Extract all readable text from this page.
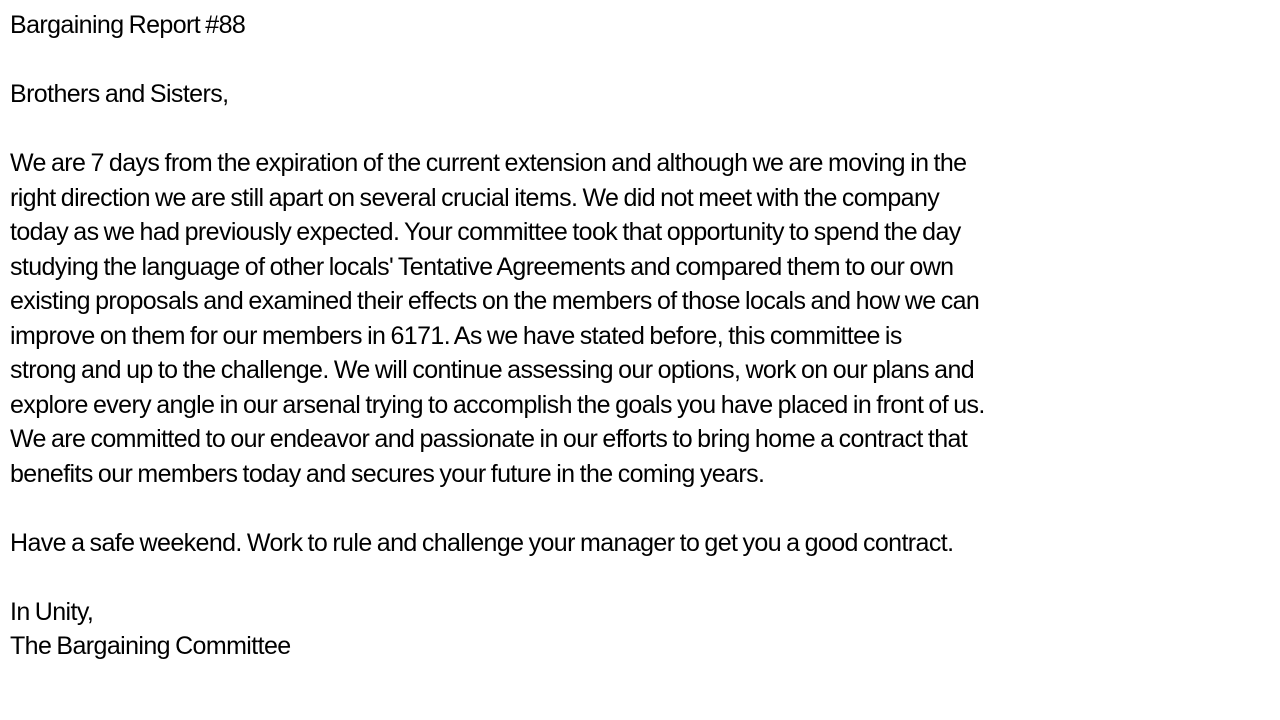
Bargaining Report #88
Brothers and Sisters,
We are 7 days from the expiration of the current extension and although we are moving in the
right direction we are still apart on several crucial items. We did not meet with the company
today as we had previously expected. Your committee took that opportunity to spend the day
studying the language of other locals' Tentative Agreements and compared them to our own
existing proposals and examined their effects on the members of those locals and how we can
improve on them for our members in 6171. As we have stated before, this committee is
strong and up to the challenge. We will continue assessing our options, work on our plans and
explore every angle in our arsenal trying to accomplish the goals you have placed in front of us.
We are committed to our endeavor and passionate in our efforts to bring home a contract that
benefits our members today and secures your future in the coming years.
Have a safe weekend. Work to rule and challenge your manager to get you a good contract.
In Unity,
The Bargaining Committee
